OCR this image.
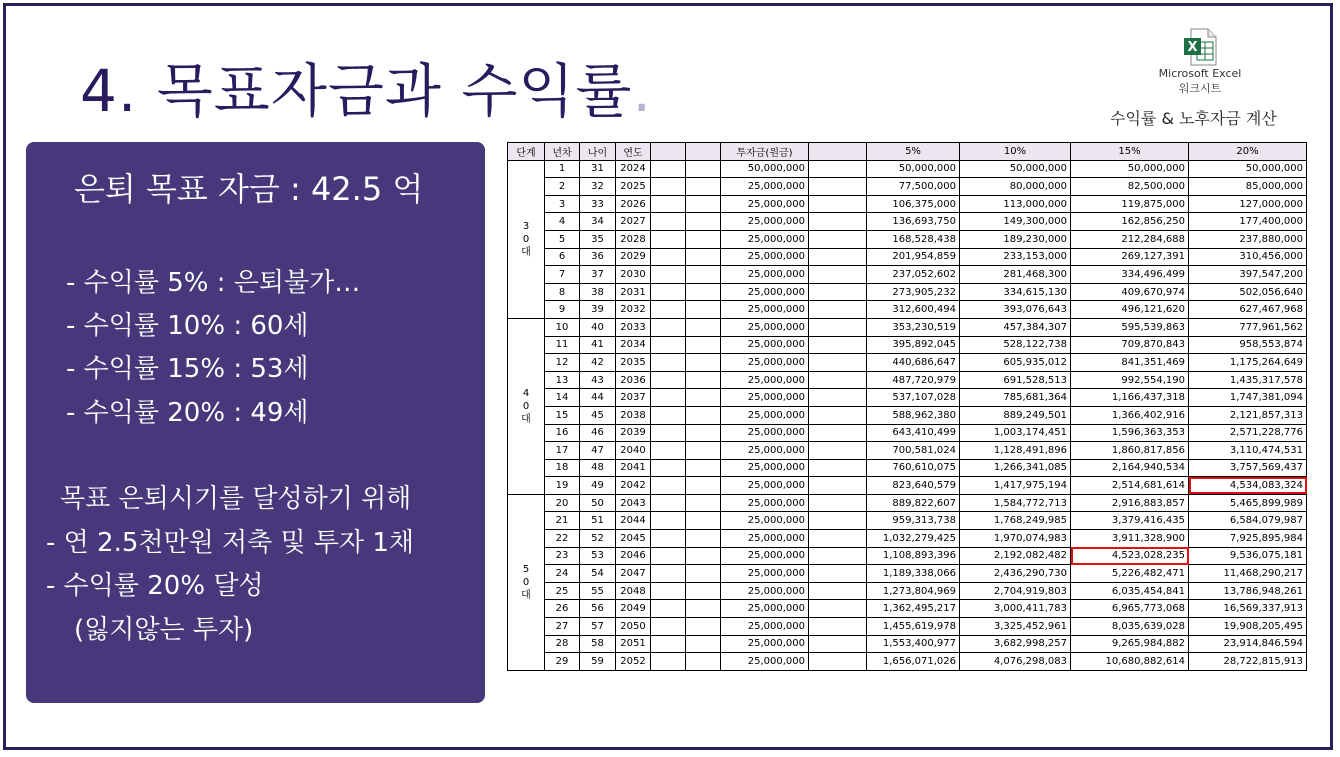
4. 목표자금과 수익률.
X
Microsoft Excel
워크시트
수익률 & 노후자금 계산
은퇴 목표 자금 : 42.5 억
- 수익률 5% : 은퇴불가…
- 수익률 10% : 60세
- 수익률 15% : 53세
- 수익률 20% : 49세
목표 은퇴시기를 달성하기 위해
- 연 2.5천만원 저축 및 투자 1채
- 수익률 20% 달성
(잃지않는 투자)
단계	년차	나이	연도			투자금(원금)		5%	10%	15%	20%
3
0
대	1	31	2024			50,000,000		50,000,000	50,000,000	50,000,000	50,000,000
	2	32	2025			25,000,000		77,500,000	80,000,000	82,500,000	85,000,000
	3	33	2026			25,000,000		106,375,000	113,000,000	119,875,000	127,000,000
	4	34	2027			25,000,000		136,693,750	149,300,000	162,856,250	177,400,000
	5	35	2028			25,000,000		168,528,438	189,230,000	212,284,688	237,880,000
	6	36	2029			25,000,000		201,954,859	233,153,000	269,127,391	310,456,000
	7	37	2030			25,000,000		237,052,602	281,468,300	334,496,499	397,547,200
	8	38	2031			25,000,000		273,905,232	334,615,130	409,670,974	502,056,640
	9	39	2032			25,000,000		312,600,494	393,076,643	496,121,620	627,467,968
4
0
대	10	40	2033			25,000,000		353,230,519	457,384,307	595,539,863	777,961,562
	11	41	2034			25,000,000		395,892,045	528,122,738	709,870,843	958,553,874
	12	42	2035			25,000,000		440,686,647	605,935,012	841,351,469	1,175,264,649
	13	43	2036			25,000,000		487,720,979	691,528,513	992,554,190	1,435,317,578
	14	44	2037			25,000,000		537,107,028	785,681,364	1,166,437,318	1,747,381,094
	15	45	2038			25,000,000		588,962,380	889,249,501	1,366,402,916	2,121,857,313
	16	46	2039			25,000,000		643,410,499	1,003,174,451	1,596,363,353	2,571,228,776
	17	47	2040			25,000,000		700,581,024	1,128,491,896	1,860,817,856	3,110,474,531
	18	48	2041			25,000,000		760,610,075	1,266,341,085	2,164,940,534	3,757,569,437
	19	49	2042			25,000,000		823,640,579	1,417,975,194	2,514,681,614	4,534,083,324
5
0
대	20	50	2043			25,000,000		889,822,607	1,584,772,713	2,916,883,857	5,465,899,989
	21	51	2044			25,000,000		959,313,738	1,768,249,985	3,379,416,435	6,584,079,987
	22	52	2045			25,000,000		1,032,279,425	1,970,074,983	3,911,328,900	7,925,895,984
	23	53	2046			25,000,000		1,108,893,396	2,192,082,482	4,523,028,235	9,536,075,181
	24	54	2047			25,000,000		1,189,338,066	2,436,290,730	5,226,482,471	11,468,290,217
	25	55	2048			25,000,000		1,273,804,969	2,704,919,803	6,035,454,841	13,786,948,261
	26	56	2049			25,000,000		1,362,495,217	3,000,411,783	6,965,773,068	16,569,337,913
	27	57	2050			25,000,000		1,455,619,978	3,325,452,961	8,035,639,028	19,908,205,495
	28	58	2051			25,000,000		1,553,400,977	3,682,998,257	9,265,984,882	23,914,846,594
	29	59	2052			25,000,000		1,656,071,026	4,076,298,083	10,680,882,614	28,722,815,913
